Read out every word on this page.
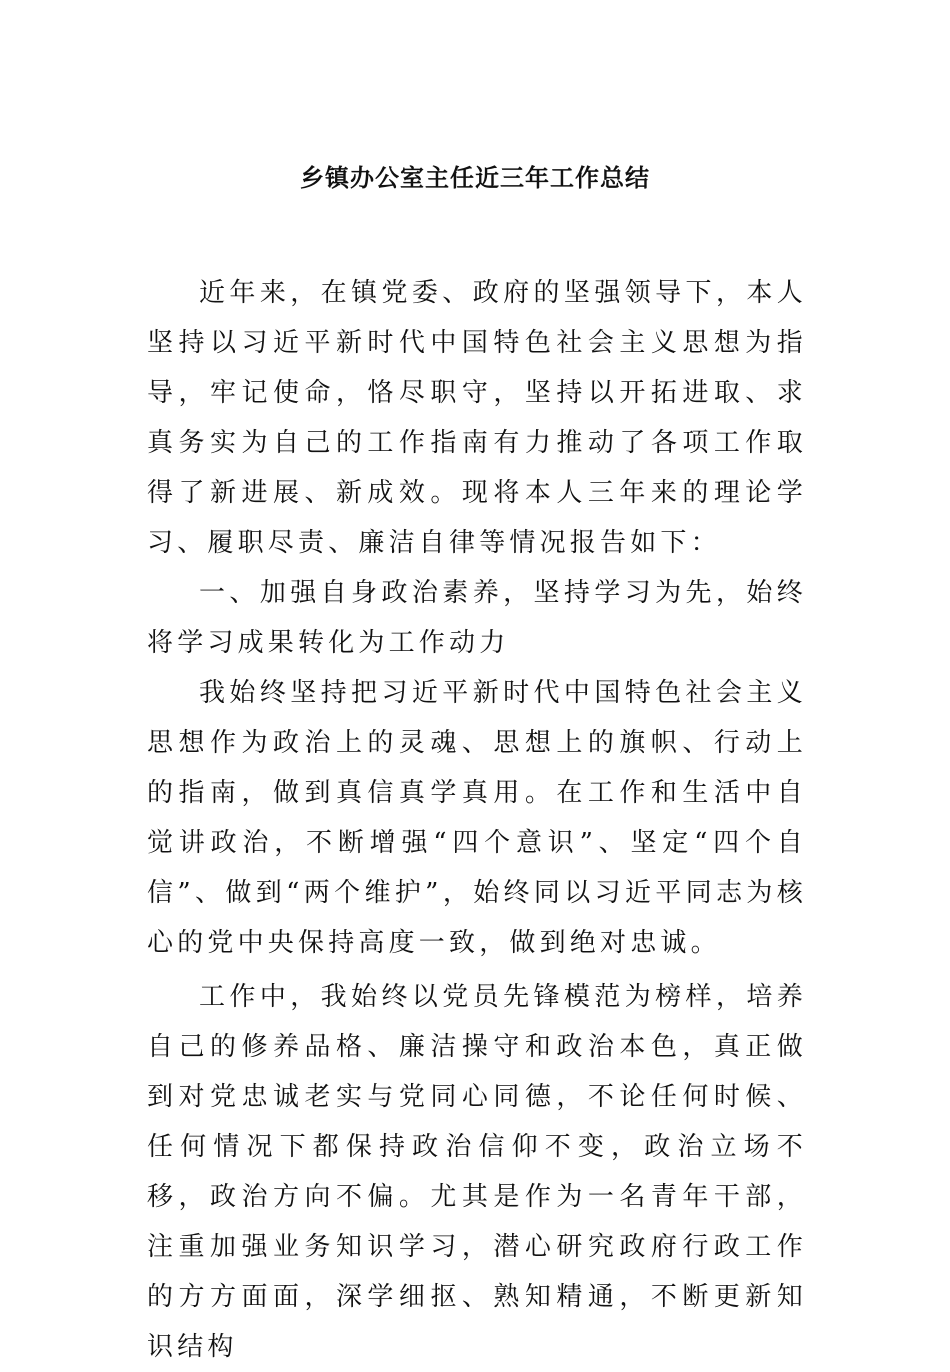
乡镇办公室主任近三年工作总结

近年来，在镇党委、政府的坚强领导下，本人坚持以习近平新时代中国特色社会主义思想为指导，牢记使命，恪尽职守，坚持以开拓进取、求真务实为自己的工作指南有力推动了各项工作取得了新进展、新成效。现将本人三年来的理论学习、履职尽责、廉洁自律等情况报告如下：

一、加强自身政治素养，坚持学习为先，始终将学习成果转化为工作动力

我始终坚持把习近平新时代中国特色社会主义思想作为政治上的灵魂、思想上的旗帜、行动上的指南，做到真信真学真用。在工作和生活中自觉讲政治，不断增强“四个意识”、坚定“四个自信”、做到“两个维护”，始终同以习近平同志为核心的党中央保持高度一致，做到绝对忠诚。

工作中，我始终以党员先锋模范为榜样，培养自己的修养品格、廉洁操守和政治本色，真正做到对党忠诚老实与党同心同德，不论任何时候、任何情况下都保持政治信仰不变，政治立场不移，政治方向不偏。尤其是作为一名青年干部，注重加强业务知识学习，潜心研究政府行政工作的方方面面，深学细抠、熟知精通，不断更新知识结构
